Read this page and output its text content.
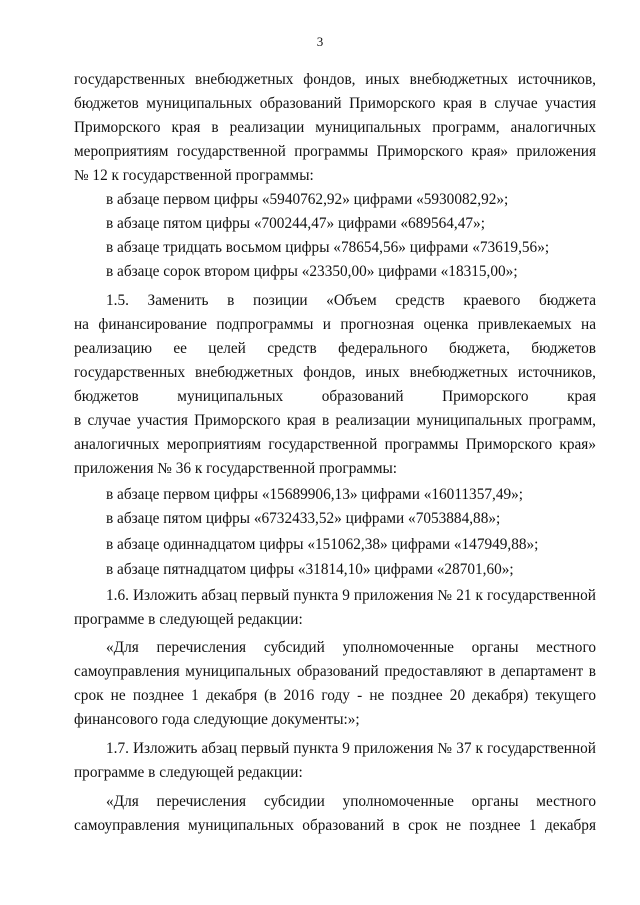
3
государственных внебюджетных фондов, иных внебюджетных источников,
бюджетов муниципальных образований Приморского края в случае участия
Приморского края в реализации муниципальных программ, аналогичных
мероприятиям государственной программы Приморского края» приложения
№ 12 к государственной программы:
в абзаце первом цифры «5940762,92» цифрами «5930082,92»;
в абзаце пятом цифры «700244,47» цифрами «689564,47»;
в абзаце тридцать восьмом цифры «78654,56» цифрами «73619,56»;
в абзаце сорок втором цифры «23350,00» цифрами «18315,00»;
1.5. Заменить в позиции «Объем средств краевого бюджета
на финансирование подпрограммы и прогнозная оценка привлекаемых на
реализацию ее целей средств федерального бюджета, бюджетов
государственных внебюджетных фондов, иных внебюджетных источников,
бюджетов муниципальных образований Приморского края
в случае участия Приморского края в реализации муниципальных программ,
аналогичных мероприятиям государственной программы Приморского края»
приложения № 36 к государственной программы:
в абзаце первом цифры «15689906,13» цифрами «16011357,49»;
в абзаце пятом цифры «6732433,52» цифрами «7053884,88»;
в абзаце одиннадцатом цифры «151062,38» цифрами «147949,88»;
в абзаце пятнадцатом цифры «31814,10» цифрами «28701,60»;
1.6. Изложить абзац первый пункта 9 приложения № 21 к государственной
программе в следующей редакции:
«Для перечисления субсидий уполномоченные органы местного
самоуправления муниципальных образований предоставляют в департамент в
срок не позднее 1 декабря (в 2016 году - не позднее 20 декабря) текущего
финансового года следующие документы:»;
1.7. Изложить абзац первый пункта 9 приложения № 37 к государственной
программе в следующей редакции:
«Для перечисления субсидии уполномоченные органы местного
самоуправления муниципальных образований в срок не позднее 1 декабря
